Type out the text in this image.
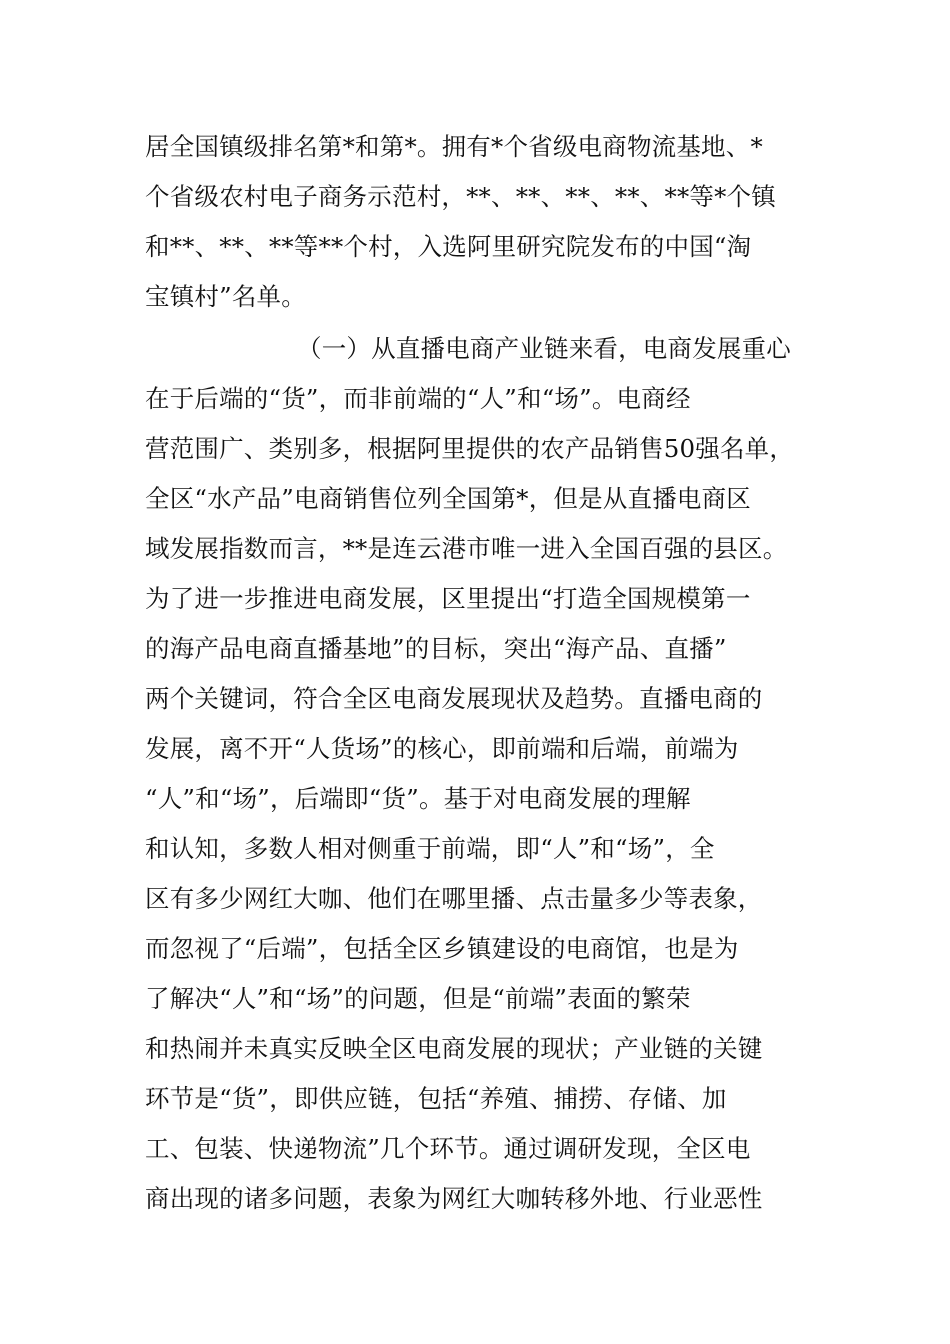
居全国镇级排名第*和第*。拥有*个省级电商物流基地、*
个省级农村电子商务示范村，**、**、**、**、**等*个镇
和**、**、**等**个村，入选阿里研究院发布的中国“淘
宝镇村”名单。
（一）从直播电商产业链来看，电商发展重心
在于后端的“货”，而非前端的“人”和“场”。电商经
营范围广、类别多，根据阿里提供的农产品销售50强名单，
全区“水产品”电商销售位列全国第*，但是从直播电商区
域发展指数而言，**是连云港市唯一进入全国百强的县区。
为了进一步推进电商发展，区里提出“打造全国规模第一
的海产品电商直播基地”的目标，突出“海产品、直播”
两个关键词，符合全区电商发展现状及趋势。直播电商的
发展，离不开“人货场”的核心，即前端和后端，前端为
“人”和“场”，后端即“货”。基于对电商发展的理解
和认知，多数人相对侧重于前端，即“人”和“场”，全
区有多少网红大咖、他们在哪里播、点击量多少等表象，
而忽视了“后端”，包括全区乡镇建设的电商馆，也是为
了解决“人”和“场”的问题，但是“前端”表面的繁荣
和热闹并未真实反映全区电商发展的现状；产业链的关键
环节是“货”，即供应链，包括“养殖、捕捞、存储、加
工、包装、快递物流”几个环节。通过调研发现，全区电
商出现的诸多问题，表象为网红大咖转移外地、行业恶性
